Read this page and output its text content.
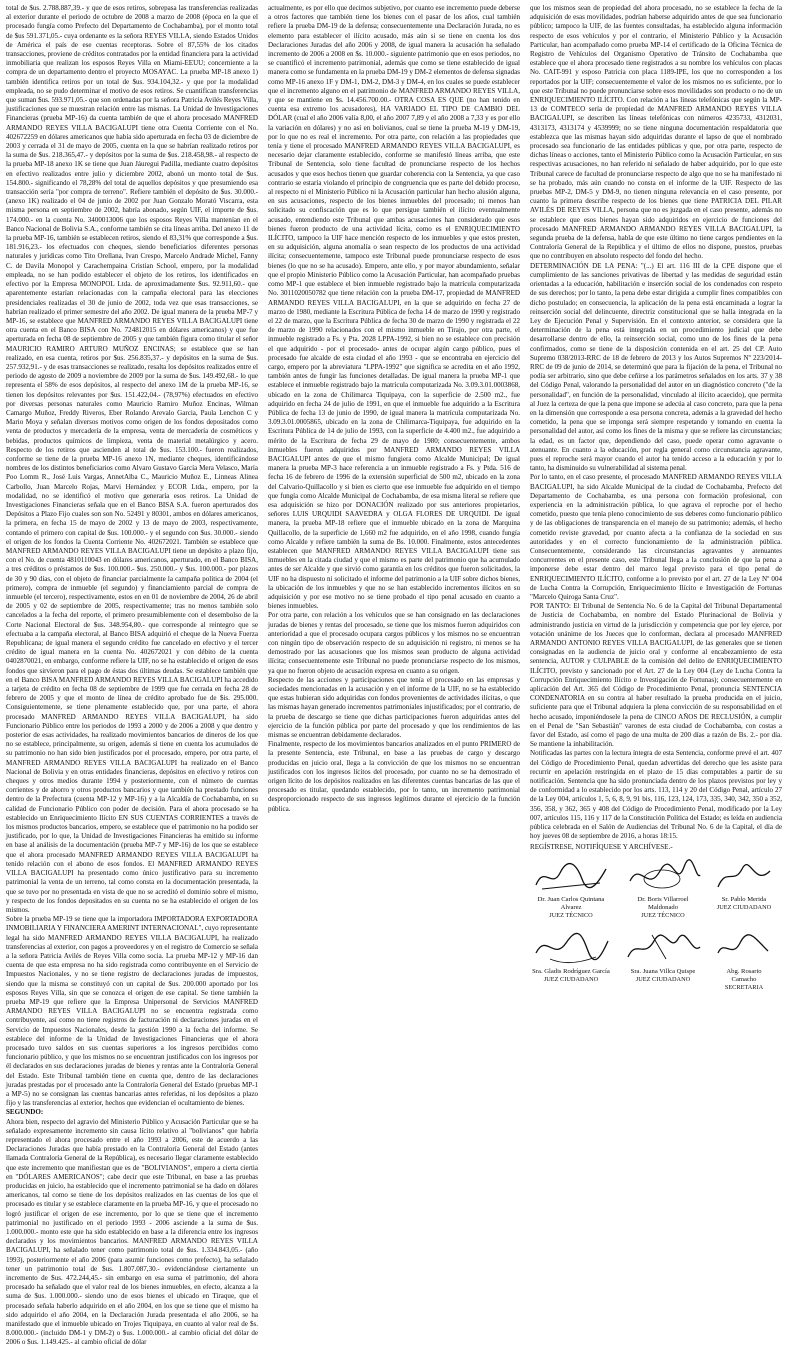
total de $us. 2.788.887,39.- y que de esos retiros, sobrepasa las transferencias realizadas al exterior durante el periodo de octubre de 2008 a marzo de 2008 (época en la que el procesado fungía como Prefecto del Departamento de Cochabamba), por el monto total de $us 591.371,05.- cuya ordenante es la señora REYES VILLA, siendo Estados Unidos de América el país de ese cuentas receptoras. Sobre el 87,55% de los citados transacciones, proviene de créditos contratados por la entidad financiera para la actividad inmobiliaria que realizan los esposos Reyes Villa en Miami-EEUU; concerniente a la compra de un departamento dentro el proyecto MOSAYAC. La prueba MP-18 anexo 1) también identifica retiros por un total de $us. 934.104,32.- y que por la modalidad empleada, no se pudo determinar el motivo de esos retiros. Se cuantifican transferencias que suman $us. 593.971,05.- que son ordenadas por la señora Patricia Avilés Reyes Villa, justificaciones que se muestran relación entre las mismas. La Unidad de Investigaciones Financieras (prueba MP-16) da cuenta también de que el ahora procesado MANFRED ARMANDO REYES VILLA BACIGALUPI tiene otra Cuenta Corriente con el No. 402672259 en dólares americanos que había sido aperturada en fecha 03 de diciembre de 2003 y cerrada el 31 de mayo de 2005, cuenta en la que se habrían realizado retiros por la suma de $us. 218.365,47.- y depósitos por la suma de $us. 218.458,98.- al respecto de la prueba MP-18 anexo 1K se tiene que Juan Jáuregui Padilla, mediante cuatro depósitos en efectivo realizados entre julio y diciembre 2002, abonó un monto total de $us. 154.800.- significando el 78,28% del total de aquellos depósitos y que presumiendo esa transacción sería "por compra de terreno". Refiere también el depósito de $us. 30.000.- (anexo 1K) realizado el 04 de junio de 2002 por Juan Gonzalo Morató Viscarra, esta misma persona en septiembre de 2002, habría abonado, según UIF, el importe de $us. 174.000.- en la cuenta No. 3400013006 que los esposos Reyes Villa mantenían en el Banco Nacional de Bolivia S.A., conforme también se cita líneas arriba. Del anexo 11 de la prueba MP-16, también se establecen retiros, siendo el 83,31% que corresponde a $us. 181.916,23.- los efectuados con cheques, siendo beneficiarios diferentes personas naturales y jurídicas como Tito Orellana, Ivan Crespo, Marcelo Andrade Michel, Fanny C. de Davila Monopol y Carachempaina Cristian School, empero, por la modalidad empleada, no se han podido establecer el objeto de los retiros, los identificados en efectivo por la Empresa MONOPOL Ltda. de aproximadamente $us. 92.911,60.- que aparentemente estarían relacionadas con la campaña electoral para las elecciones presidenciales realizadas el 30 de junio de 2002, toda vez que esas transacciones, se habrían realizado el primer semestre del año 2002. De igual manera de la prueba MP-7 y MP-16, se establece que MANFRED ARMANDO REYES VILLA BACIGALUPI tiene otra cuenta en el Banco BISA con No. 724812015 en dólares americanos) y que fue aperturada en fecha 08 de septiembre de 2005 y que también figura como titular el señor MAURICIO RAMIRO ARTURO MUÑOZ ENCINAS; se establece que se han realizado, en esa cuenta, retiros por $us. 256.835,37.- y depósitos en la suma de $us. 257.932,91.- y de esas transacciones se realizado, resalta los depósitos realizados entre el periodo de agosto de 2009 a noviembre de 2009 por la suma de $us. 149.492,68.- lo que representa el 58% de esos depósitos, al respecto del anexo 1M de la prueba MP-16, se tienen los depósitos relevantes por $us. 151.422,04.- (78,97%) efectuados en efectivo por diversas personas naturales como Mauricio Ramiro Muñoz Encinas, Wilman Camargo Muñoz, Freddy Riveros, Eber Rolando Arevalo Garcia, Paula Lenchon C y Mario Moya y señalan diversos motivos como origen de los fondos depositados como venta de productos y mercadería de la empresa, venta de mercadería de cosméticos y bebidas, productos químicos de limpieza, venta de material metalúrgico y acero. Respecto de los retiros que ascienden al total de $us. 153.100.- fueron realizados, conforme se tiene de la prueba MP-16 anexo 1N, mediante cheques, identificándose nombres de los distintos beneficiarios como Alvaro Gustavo García Mera Velasco, María Poo Lomm R., José Luis Vargas, AnnetAlba C., Mauricio Muñoz E., Linneas Alinea Carbollo, Juan Marcelo Rojas, Marvi Hernández y ECOR Ltda., empero, por la modalidad, no se identificó el motivo que generaría esos retiros. La Unidad de Investigaciones Financieras señala que en el Banco BISA S.A. fueron aperturados dos Depósitos a Plazo Fijo cuales son son No. 52491 y 80301, ambos en dólares americanos, la primera, en fecha 15 de mayo de 2002 y 13 de mayo de 2003, respectivamente, contando el primero con capital de $us. 100.000.- y el segundo con $us. 30.000.- siendo el origen de los fondos la Cuenta Corriente No. 402672021. También se establece que MANFRED ARMANDO REYES VILLA BACIGALUPI tiene un depósito a plazo fijo, con el No. de cuenta 4810110043 en dólares americanos, aperturado, en el Banco BISA, a tres créditos o préstamos de $us. 100.000.- $us. 250.000.- y $us. 100.000.- por plazos de 30 y 90 días, con el objeto de financiar parcialmente la campaña política de 2004 (el primero), compra de inmueble (el segundo) y financiamiento parcial de compra de inmueble (el tercero), respectivamente, estos en en 01 de noviembre de 2004, 26 de abril de 2005 y 02 de septiembre de 2005, respectivamente; tras no menos también solo cancelados a la fecha del reporte, el primero presumiblemente con el desembolso de la Corte Nacional Electoral de $us. 348.954,80.- que corresponde al reintegro que se efectuaba a la campaña electoral, al Banco BISA adquirió el cheque de la Nueva Fuerza Republicana; de igual manera el segundo crédito fue cancelado en efectivo y el tercer crédito de igual manera en la cuenta No. 402672021 y con débito de la cuenta 0402870021, en embargo, conforme refiere la UIF, no se ha establecido el origen de esos fondos que sirvieron para el pago de éstas dos últimas deudas. Se establece también que en el Banco BISA MANFRED ARMANDO REYES VILLA BACIGALUPI ha accedido a tarjeta de crédito en fecha 08 de septiembre de 1999 que fue cerrada en fecha 28 de febrero de 2005 y que el monto de línea de crédito aprobado fue de $is. 295.000. Consiguientemente, se tiene plenamente establecido que, por una parte, el ahora procesado MANFRED ARMANDO REYES VILLA BACIGALUPI, ha sido Funcionario Público entre los periodos de 1993 a 2000 y de 2006 a 2008 y que dentro y posterior de esas actividades, ha realizado movimientos bancarios de dineros de los que no se establece, principalmente, su origen, además si tiene en cuenta los acumulados de su patrimonio no han sido bien justificados por el procesado, empero, por otra parte, el MANFRED ARMANDO REYES VILLA BACIGALUPI ha realizado en el Banco Nacional de Bolivia y en otras entidades financieras, depósitos en efectivo y retiros con cheques y otros medios durante 1994 y posteriormente, con el número de cuentas corrientes y de ahorro y otros productos bancarios y que también ha prestado funciones dentro de la Prefectura (cuenta MP-12 y MP-16) y a la Alcaldía de Cochabamba, en su calidad de Funcionario Público con poder de decisión. Para el ahora procesado se ha establecido un Enriquecimiento Ilícito EN SUS CUENTAS CORRIENTES a través de los mismos productos bancarios, empero, se establece que el patrimonio no ha podido ser justificado, por lo que, la Unidad de Investigaciones Financieras ha emitido su informe en base al análisis de la documentación (prueba MP-7 y MP-16) de los que se establece que el ahora procesado MANFRED ARMANDO REYES VILLA BACIGALUPI ha tenido relación con el abono de esos fondos. El MANFRED ARMANDO REYES VILLA BACIGALUPI ha presentado como único justificativo para su incremento patrimonial la venta de un terreno, tal como consta en la documentación presentada, la que se tuvo por no presentada en vista de que no se acreditó el dominio sobre el mismo, y respecto de los fondos depositados en su cuenta no se ha establecido el origen de los mismos.

Sobre la prueba MP-19 se tiene que la importadora IMPORTADORA EXPORTADORA INMOBILIARIA Y FINANCIERA AMERINT INTERNACIONAL", cuyo representante legal ha sido MANFRED ARMANDO REYES VILLA BACIGALUPI, ha realizado transferencias al exterior, con pagos a proveedores y en el registro de Comercio se señala a la señora Patricia Avilés de Reyes Villa como socia. La prueba MP-12 y MP-16 dan cuenta de que esta empresa no ha sido registrada como contribuyente en el Servicio de Impuestos Nacionales, y no se tiene registro de declaraciones juradas de impuestos, siendo que la misma se constituyó con un capital de $us. 200.000 aportado por los esposos Reyes Villa, sin que se conozca el origen de ese capital. Se tiene también la prueba MP-19 que refiere que la Empresa Unipersonal de Servicios MANFRED ARMANDO REYES VILLA BACIGALUPI no se encuentra registrada como contribuyente, así como no tiene registros de facturación ni declaraciones juradas en el Servicio de Impuestos Nacionales, desde la gestión 1990 a la fecha del informe. Se establece del informe de la Unidad de Investigaciones Financieras que el ahora procesado tuvo saldos en sus cuentas superiores a los ingresos percibidos como funcionario público, y que los mismos no se encuentran justificados con los ingresos por él declarados en sus declaraciones juradas de bienes y rentas ante la Contraloría General del Estado. Este Tribunal también tiene en cuenta que, dentro de las declaraciones juradas prestadas por el procesado ante la Contraloría General del Estado (pruebas MP-1 a MP-5) no se consignan las cuentas bancarias antes referidas, ni los depósitos a plazo fijo y las transferencias al exterior, hechos que evidencian el ocultamiento de bienes.

SEGUNDO:

Ahora bien, respecto del agravio del Ministerio Público y Acusación Particular que se ha señalado expresamente incremento sin causa lícito relativo al "bolivianos" que habría representado el ahora procesado entre el año 1993 a 2006, este de acuerdo a las Declaraciones Juradas que había prestado en la Contraloría General del Estado (antes llamada Contraloría General de la República), es necesario llegar claramente establecido que este incremento que manifiestan que es de "BOLIVIANOS", empero a cierta ciertia en "DÓLARES AMERICANOS"; cabe decir que este Tribunal, en base a las pruebas producidas en juicio, ha establecido que el incremento patrimonial se ha dado en dólares americanos, tal como se tiene de los depósitos realizados en las cuentas de los que el procesado es titular y se establece claramente en la prueba MP-16, y que el procesado no logró justificar el origen de ese incremento, por lo que se tiene que el incremento patrimonial no justificado en el periodo 1993 - 2006 asciende a la suma de $us. 1.000.000.- monto este que ha sido establecido en base a la diferencia entre los ingresos declarados y los movimientos bancarios. MANFRED ARMANDO REYES VILLA BACIGALUPI, ha señalado tener como patrimonio total de $us. 1.334.843,05.- (año 1993), posteriormente el año 2006 (para asumir funciones como prefecto), ha señalado tener un patrimonio total de $us. 1.807.087,30.- evidenciándose ciertamente un incremento de $us. 472.244,45.- sin embargo en esa suma el patrimonio, del ahora procesado ha señalado que el valor real de los bienes inmuebles, en efecto, alcanza a la suma de $us. 1.000.000.- siendo uno de esos bienes el ubicado en Tiraque, que el procesado señala haberlo adquirido en el año 2004, en los que se tiene que el mismo ha sido adquirido el año 2004, en la Declaración Jurada presentada el año 2006, se ha manifestado que el inmueble ubicado en Trojes Tiquipaya, en cuanto al valor real de $s. 8.000.000.- (incluido DM-1 y DM-2) o $us. 1.000.000.- al cambio oficial del dólar de 2006 o $us. 1.149.425.- al cambio oficial de dólar

actualmente, es por ello que decimos subjetivo, por cuanto ese incremento puede deberse a otros factores que también tiene los bienes con el pasar de los años, cual también refiere la prueba DM-19 de la defensa; consecuentemente una Declaración Jurada, no es elemento para establecer el ilícito acusado, más aún si se tiene en cuenta los dos Declaraciones Juradas del año 2006 y 2008, de igual manera la acusación ha señalado incremento de 2006 a 2008 en $s. 10.000.- siguiente patrimonio que en esos periodos, no se cuantificó el incremento patrimonial, además que como se tiene establecido de igual manera como se fundamenta en la prueba DM-19 y DM-2 elementos de defensa signadas como MP-16 anexo 1F y DM-1, DM-2, DM-3 y DM-4, en los cuales se puede establecer que el incremento alguno en el patrimonio de MANFRED ARMANDO REYES VILLA, y que se mantiene en $s. 14.456.700.00.- OTRA COSA ES QUE (no han tenido en cuenta esa extremo los acusadores), HA VARIADO EL TIPO DE CAMBIO DEL DÓLAR (cual el año 2006 valía 8,00, el año 2007 7,89 y el año 2008 a 7,33 y es por ello la variación en dólares) y no así en bolivianos, cual se tiene la prueba M-19 y DM-19, por lo que no es real el incremento. Por otra parte, con relación a las propiedades que tenía y tiene el procesado MANFRED ARMANDO REYES VILLA BACIGALUPI, es necesario dejar claramente establecido, conforme se manifestó líneas arriba, que este Tribunal de Sentencia, solo tiene facultad de pronunciarse respecto de los hechos acusados y que esos hechos tienen que guardar coherencia con la Sentencia, ya que caso contrario se estaría violando el principio de congruencia que es parte del debido proceso, al respecto ni el Ministerio Público ni la Acusación particular han hecho alusión alguna, en sus acusaciones, respecto de los bienes inmuebles del procesado; ni menos han solicitado su confiscación que es lo que persigue también el ilícito eventualmente acusado, entendiendo este Tribunal que ambas acusaciones han considerado que esos bienes fueron producto de una actividad lícita, como es el ENRIQUECIMIENTO ILÍCITO, tampoco la UIF hace mención respecto de los inmuebles y que estos presten, en su adquisición, alguna anomalía o sean respecto de los productos de una actividad ilícita; consecuentemente, tampoco este Tribunal puede pronunciarse respecto de esos bienes (lo que no se ha acusado). Empero, ante ello, y por mayor abundamiento, señalar que el propio Ministerio Público como la Acusación Particular, han acompañado pruebas como MP-1 que establece el bien inmueble registrado bajo la matrícula computarizada No. 3011020050782 que tiene relación con la prueba DM-17, propiedad de MANFRED ARMANDO REYES VILLA BACIGALUPI, en la que se adquirido en fecha 27 de marzo de 1980, mediante la Escritura Pública de fecha 14 de marzo de 1990 y registrado el 22 de marzo, que la Escritura Pública de fecha 30 de marzo de 1990 y registrada el 22 de marzo de 1990 relacionados con el mismo inmueble en Tirajo, por otra parte, el inmueble registrado a Fs. y Pta. 2028 LPPA-1992, si bien no se establece con precisión el que adquirido - por el procesado- antes de ocupar algún cargo público, pues el procesado fue alcalde de esta ciudad el año 1993 - que se encontraba en ejercicio del cargo, empero por la abreviatura "LPPA-1992" que significa se acredita en el año 1992, también antes de fungir las funciones detalladas. De igual manera la prueba MP-1 que establece el inmueble registrado bajo la matrícula computarizada No. 3.09.3.01.0003868, ubicado en la zona de Chilimarca Tiquipaya, con la superficie de 2.500 m2., fue adquirido en fecha 24 de julio de 1991, en que el inmueble fue adquirido a la Escritura Pública de fecha 13 de junio de 1990, de igual manera la matrícula computarizada No. 3.09.3.01.0005865, ubicado en la zona de Chilimarca-Tiquipaya, fue adquirido en la Escritura Pública de 14 de julio de 1993, con la superficie de 4.400 m2., fue adquirido a mérito de la Escritura de fecha 29 de mayo de 1980; consecuentemente, ambos inmuebles fueron adquiridos por MANFRED ARMANDO REYES VILLA BACIGALUPI antes de que el mismo fungiera como Alcalde Municipal; De igual manera la prueba MP-3 hace referencia a un inmueble registrado a Fs. y Ptda. 516 de fecha 16 de febrero de 1996 de la extensión superficial de 500 m2, ubicado en la zona del Calvario-Quillacollo y si bien es cierto que ese inmueble fue adquirido en el tiempo que fungía como Alcalde Municipal de Cochabamba, de esa misma literal se refiere que esa adquisición se hizo por DONACIÓN realizado por sus anteriores propietarios, señores LUIS URQUIDI SAAVEDRA y OLGA FLORES DE URQUIDI. De igual manera, la prueba MP-18 refiere que el inmueble ubicado en la zona de Marquina Quillacollo, de la superficie de 1,660 m2 fue adquirido, en el año 1998, cuando fungía como Alcalde y refiere también la suma de Bs. 10.000. Finalmente, estos antecedentes establecen que MANFRED ARMANDO REYES VILLA BACIGALUPI tiene sus inmuebles en la citada ciudad y que el mismo es parte del patrimonio que ha acumulado antes de ser Alcalde y que sirvió como garantía en los créditos que fueron solicitados, la UIF no ha dispuesto ni solicitado el informe del patrimonio a la UIF sobre dichos bienes, la ubicación de los inmuebles y que no se han establecido incrementos ilícitos en su adquisición y por ese motivo no se tiene probado el tipo penal acusado en cuanto a bienes inmuebles.

Por otra parte, con relación a los vehículos que se han consignado en las declaraciones juradas de bienes y rentas del procesado, se tiene que los mismos fueron adquiridos con anterioridad a que el procesado ocupara cargos públicos y los mismos no se encuentran con ningún tipo de observación respecto de su adquisición ni registro, ni menos se ha demostrado por las acusaciones que los mismos sean producto de alguna actividad ilícita; consecuentemente este Tribunal no puede pronunciarse respecto de los mismos, ya que no fueron objeto de acusación expresa en cuanto a su origen.

Respecto de las acciones y participaciones que tenía el procesado en las empresas y sociedades mencionadas en la acusación y en el informe de la UIF, no se ha establecido que estas hubieran sido adquiridas con fondos provenientes de actividades ilícitas, o que las mismas hayan generado incrementos patrimoniales injustificados; por el contrario, de la prueba de descargo se tiene que dichas participaciones fueron adquiridas antes del ejercicio de la función pública por parte del procesado y que los rendimientos de las mismas se encuentran debidamente declarados.

Finalmente, respecto de los movimientos bancarios analizados en el punto PRIMERO de la presente Sentencia, este Tribunal, en base a las pruebas de cargo y descargo producidas en juicio oral, llega a la convicción de que los mismos no se encuentran justificados con los ingresos lícitos del procesado, por cuanto no se ha demostrado el origen lícito de los depósitos realizados en las diferentes cuentas bancarias de las que el procesado es titular, quedando establecido, por lo tanto, un incremento patrimonial desproporcionado respecto de sus ingresos legítimos durante el ejercicio de la función pública.

que los mismos sean de propiedad del ahora procesado, no se establece la fecha de la adquisición de esas movilidades, podrían haberse adquirido antes de que sea funcionario público; tampoco la UIF, de las fuentes consultadas, ha establecido alguna información respecto de esos vehículos y por el contrario, el Ministerio Público y la Acusación Particular, han acompañado como prueba MP-14 el certificado de la Oficina Técnica de Registro de Vehículos del Organismo Operativo de Tránsito de Cochabamba que establece que el ahora procesado tiene registrados a su nombre los vehículos con placas No. CAIT-991 y esposo Patricia con placa 1189-IPE, los que no corresponden a los reportados por la UIF; consecuentemente el valor de los mismos no es suficiente, por lo que este Tribunal no puede pronunciarse sobre esos movilidades son producto o no de un ENRIQUECIMIENTO ILÍCITO. Con relación a las líneas telefónicas que según la MP-13 de COMTECO sería de propiedad de MANFRED ARMANDO REYES VILLA BACIGALUPI, se describen las líneas telefónicas con números 4235733, 4312031, 4313173, 4313174 y 4539999; no se tiene ninguna documentación respaldatoria que establezca que las mismas hayan sido adquiridas durante el lapso de que el nombrado procesado sea funcionario de las entidades públicas y que, por otra parte, respecto de dichas líneas o acciones, tanto el Ministerio Público como la Acusación Particular, en sus respectivas acusaciones, no han referido ni señalado de haber adquirido, por lo que este Tribunal carece de facultad de pronunciarse respecto de algo que no se ha manifestado ni se ha probado, más aún cuando no consta en el informe de la UIF. Respecto de las pruebas MP-2, DM-5 y DM-9, no tienen ninguna relevancia en el caso presente, por cuanto la primera describe respecto de los bienes que tiene PATRICIA DEL PILAR AVILÉS DE REYES VILLA, persona que no es juzgada en el caso presente, además no se establece que esos bienes hayan sido adquiridos en ejercicio de funciones del procesado MANFRED ARMANDO ARMANDO REYES VILLA BACIGALUPI, la segunda prueba de la defensa, habla de que este último no tiene cargos pendientes en la Contraloría General de la República y el último de ellos no dispone, puestos, pruebas que no contribuyen en absoluto respecto del fondo del hecho.

DETERMINACIÓN DE LA PENA: "(...) El art. 116 III de la CPE dispone que el cumplimiento de las sanciones privativas de libertad y las medidas de seguridad están orientadas a la educación, habilitación e inserción social de los condenados con respeto de sus derechos; por lo tanto, la pena debe estar dirigida a cumplir fines compatibles con dicho postulado; en consecuencia, la aplicación de la pena está encaminada a lograr la reinserción social del delincuente, directriz constitucional que se halla integrada en la Ley de Ejecución Penal y Supervisión. En el contexto anterior, se considera que la determinación de la pena está integrada en un procedimiento judicial que debe desarrollarse dentro de ello, la reinserción social, como uno de los fines de la pena confirmados, como se tiene de la disposición contenida en el art. 25 del CP. Auto Supremo 038/2013-RRC de 18 de febrero de 2013 y los Autos Supremos Nº 223/2014-RRC de 09 de junio de 2014, se determinó que para la fijación de la pena, el Tribunal no podía ser arbitrario, sino que debe ceñirse a los parámetros señalados en los arts. 37 y 38 del Código Penal, valorando la personalidad del autor en un diagnóstico concreto ("de la personalidad", en función de la personalidad, vinculado al ilícito acaecido), que permita al Juez la certeza de que la pena que impone se adecúa al caso concreto, para que la pena en la dimensión que corresponde a esa persona concreta, además a la gravedad del hecho cometido, la pena que se imponga será siempre respetando y tomando en cuenta la personalidad del autor, así como los fines de la misma y que se refiere las circunstancias; la edad, es un factor que, dependiendo del caso, puede operar como agravante o atenuante. En cuanto a la educación, por regla general como circunstancia agravante, pues el reproche será mayor cuando el autor ha tenido acceso a la educación y por lo tanto, ha disminuido su vulnerabilidad al sistema penal.

Por lo tanto, en el caso presente, el procesado MANFRED ARMANDO REYES VILLA BACIGALUPI, ha sido Alcalde Municipal de la ciudad de Cochabamba, Prefecto del Departamento de Cochabamba, es una persona con formación profesional, con experiencia en la administración pública, lo que agrava el reproche por el hecho cometido, puesto que tenía pleno conocimiento de sus deberes como funcionario público y de las obligaciones de transparencia en el manejo de su patrimonio; además, el hecho cometido reviste gravedad, por cuanto afecta a la confianza de la sociedad en sus autoridades y en el correcto funcionamiento de la administración pública. Consecuentemente, considerando las circunstancias agravantes y atenuantes concurrentes en el presente caso, este Tribunal llega a la conclusión de que la pena a imponerse debe estar dentro del marco legal previsto para el tipo penal de ENRIQUECIMIENTO ILÍCITO, conforme a lo previsto por el art. 27 de la Ley Nº 004 de Lucha Contra la Corrupción, Enriquecimiento Ilícito e Investigación de Fortunas "Marcelo Quiroga Santa Cruz".

POR TANTO: El Tribunal de Sentencia No. 6 de la Capital del Tribunal Departamental de Justicia de Cochabamba, en nombre del Estado Plurinacional de Bolivia y administrando justicia en virtud de la jurisdicción y competencia que por ley ejerce, por votación unánime de los Jueces que lo conforman, declara al procesado MANFRED ARMANDO ANTONIO REYES VILLA BACIGALUPI, de las generales que se tienen consignadas en la audiencia de juicio oral y conforme al encabezamiento de esta sentencia, AUTOR y CULPABLE de la comisión del delito de ENRIQUECIMIENTO ILÍCITO, previsto y sancionado por el Art. 27 de la Ley 004 (Ley de Lucha Contra la Corrupción Enriquecimiento Ilícito e Investigación de Fortunas); consecuentemente en aplicación del Art. 365 del Código de Procedimiento Penal, pronuncia SENTENCIA CONDENATORIA en su contra al haber resultado la prueba producida en el juicio, suficiente para que el Tribunal adquiera la plena convicción de su responsabilidad en el hecho acusado, imponiéndosele la pena de CINCO AÑOS DE RECLUSIÓN, a cumplir en el Penal de "San Sebastián" varones de esta ciudad de Cochabamba, con costas a favor del Estado, así como el pago de una multa de 200 días a razón de Bs. 2.- por día. Se mantiene la inhabilitación.

Notificadas las partes con la lectura íntegra de esta Sentencia, conforme prevé el art. 407 del Código de Procedimiento Penal, quedan advertidas del derecho que les asiste para recurrir en apelación restringida en el plazo de 15 días computables a partir de su notificación. Sentencia que ha sido pronunciada dentro de los plazos previstos por ley y de conformidad a lo establecido por los arts. 113, 114 y 20 del Código Penal, artículo 27 de la Ley 004, artículos 1, 5, 6, 8, 9, 91 bis, 116, 123, 124, 173, 335, 340, 342, 350 a 352, 356, 358, y 362, 365 y 408 del Código de Procedimiento Penal, modificado por la Ley 007, artículos 115, 116 y 117 de la Constitución Política del Estado; es leída en audiencia pública celebrada en el Salón de Audiencias del Tribunal No. 6 de la Capital, el día de hoy jueves 08 de septiembre de 2016, a horas 18:15.

REGÍSTRESE, NOTIFÍQUESE Y ARCHÍVESE.-

Dr. Juan Carlos Quintana Alvarez
JUEZ TÉCNICO
Dr. Boris Villarroel Maldonado
JUEZ TÉCNICO
Sr. Pablo Merida
JUEZ CIUDADANO
Sra. Gladis Rodríguez García
JUEZ CIUDADANO
Sra. Juana Villca Quispe
JUEZ CIUDADANO
Abg. Rosario Camacho
SECRETARIA
